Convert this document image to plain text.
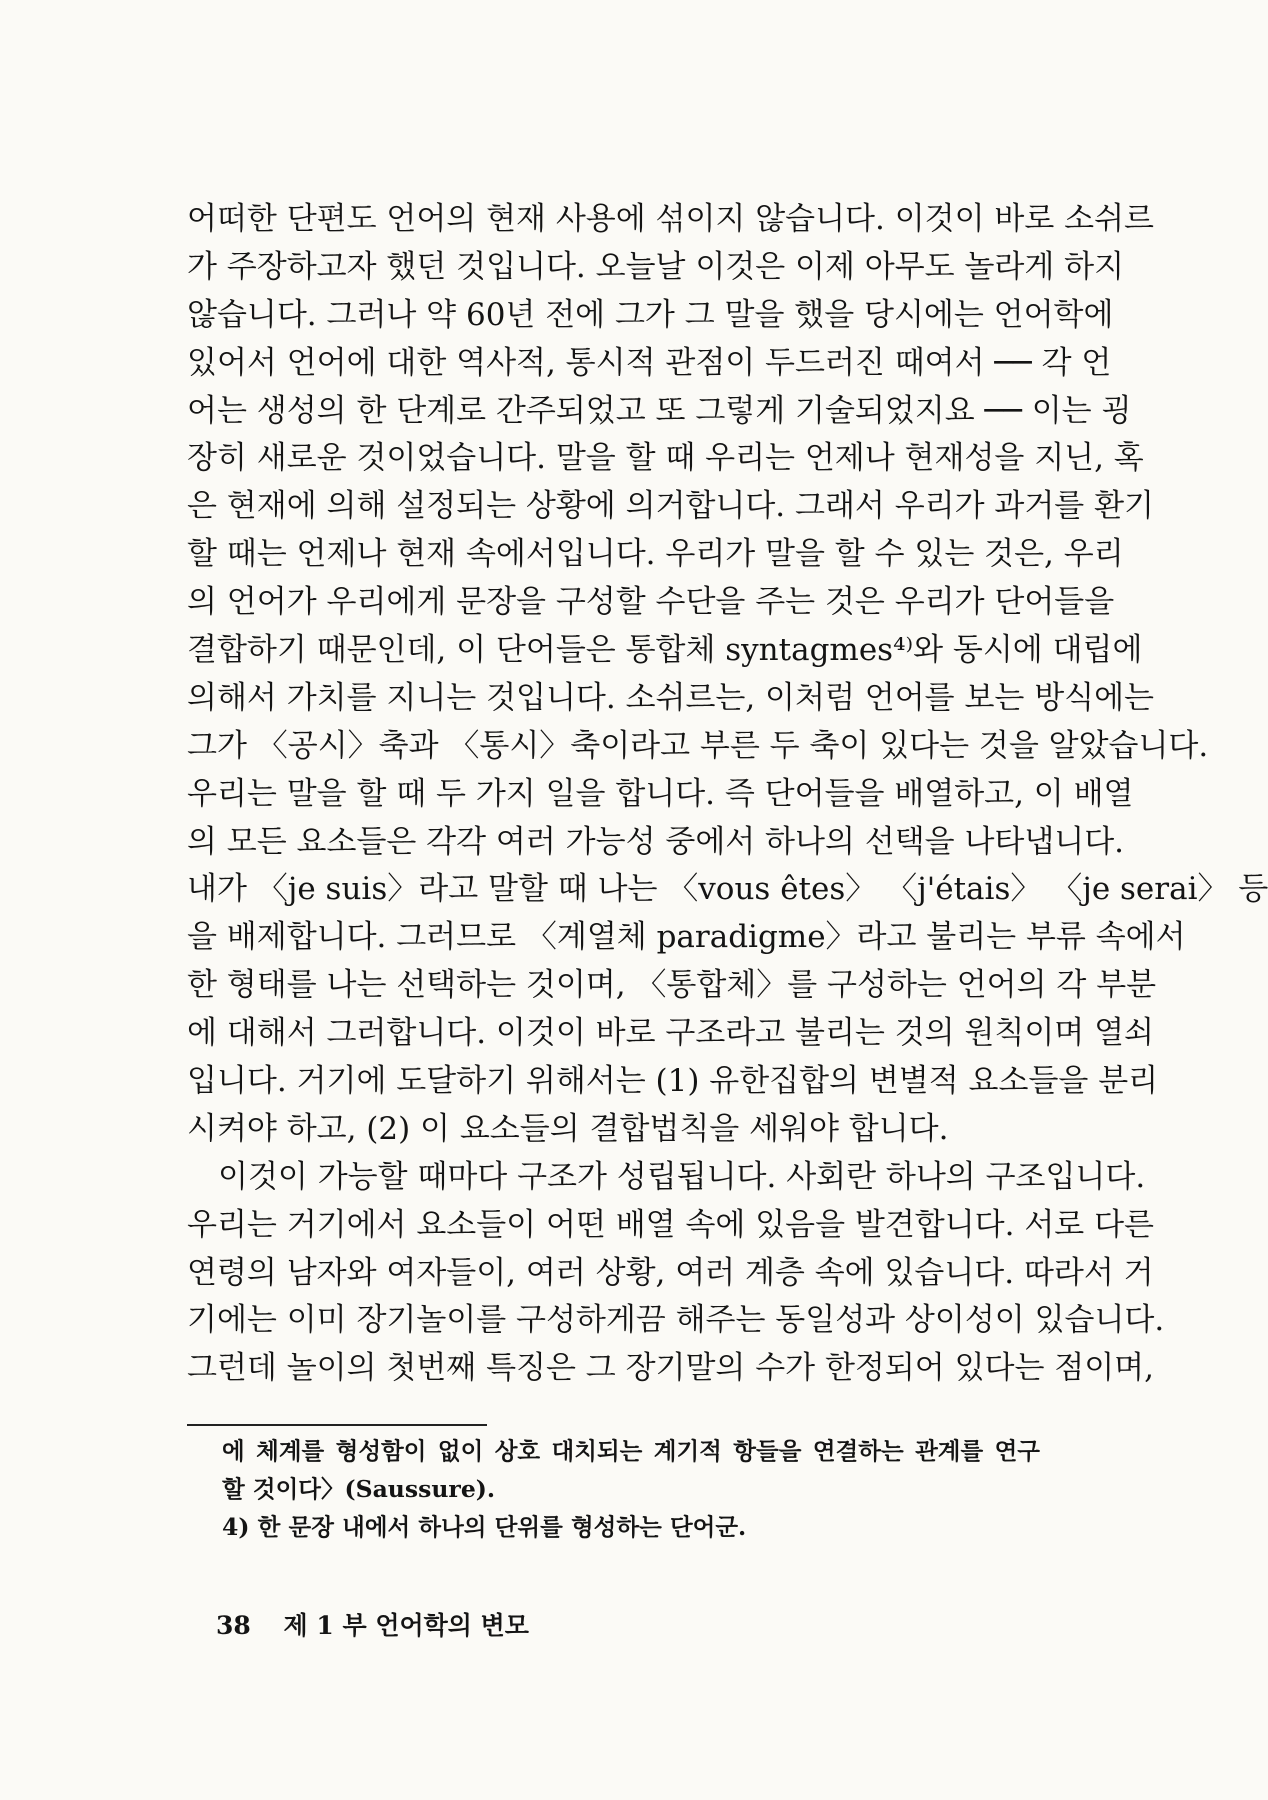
어떠한 단편도 언어의 현재 사용에 섞이지 않습니다. 이것이 바로 소쉬르
가 주장하고자 했던 것입니다. 오늘날 이것은 이제 아무도 놀라게 하지
않습니다. 그러나 약 60년 전에 그가 그 말을 했을 당시에는 언어학에
있어서 언어에 대한 역사적, 통시적 관점이 두드러진 때여서 ── 각 언
어는 생성의 한 단계로 간주되었고 또 그렇게 기술되었지요 ── 이는 굉
장히 새로운 것이었습니다. 말을 할 때 우리는 언제나 현재성을 지닌, 혹
은 현재에 의해 설정되는 상황에 의거합니다. 그래서 우리가 과거를 환기
할 때는 언제나 현재 속에서입니다. 우리가 말을 할 수 있는 것은, 우리
의 언어가 우리에게 문장을 구성할 수단을 주는 것은 우리가 단어들을
결합하기 때문인데, 이 단어들은 통합체 syntagmes⁴⁾와 동시에 대립에
의해서 가치를 지니는 것입니다. 소쉬르는, 이처럼 언어를 보는 방식에는
그가 〈공시〉축과 〈통시〉축이라고 부른 두 축이 있다는 것을 알았습니다.
우리는 말을 할 때 두 가지 일을 합니다. 즉 단어들을 배열하고, 이 배열
의 모든 요소들은 각각 여러 가능성 중에서 하나의 선택을 나타냅니다.
내가 〈je suis〉라고 말할 때 나는 〈vous êtes〉 〈j'étais〉 〈je serai〉 등
을 배제합니다. 그러므로 〈계열체 paradigme〉라고 불리는 부류 속에서
한 형태를 나는 선택하는 것이며, 〈통합체〉를 구성하는 언어의 각 부분
에 대해서 그러합니다. 이것이 바로 구조라고 불리는 것의 원칙이며 열쇠
입니다. 거기에 도달하기 위해서는 (1) 유한집합의 변별적 요소들을 분리
시켜야 하고, (2) 이 요소들의 결합법칙을 세워야 합니다.
　이것이 가능할 때마다 구조가 성립됩니다. 사회란 하나의 구조입니다.
우리는 거기에서 요소들이 어떤 배열 속에 있음을 발견합니다. 서로 다른
연령의 남자와 여자들이, 여러 상황, 여러 계층 속에 있습니다. 따라서 거
기에는 이미 장기놀이를 구성하게끔 해주는 동일성과 상이성이 있습니다.
그런데 놀이의 첫번째 특징은 그 장기말의 수가 한정되어 있다는 점이며,
에 체계를 형성함이 없이 상호 대치되는 계기적 항들을 연결하는 관계를 연구
할 것이다〉(Saussure).
4) 한 문장 내에서 하나의 단위를 형성하는 단어군.
38 제 1 부 언어학의 변모
